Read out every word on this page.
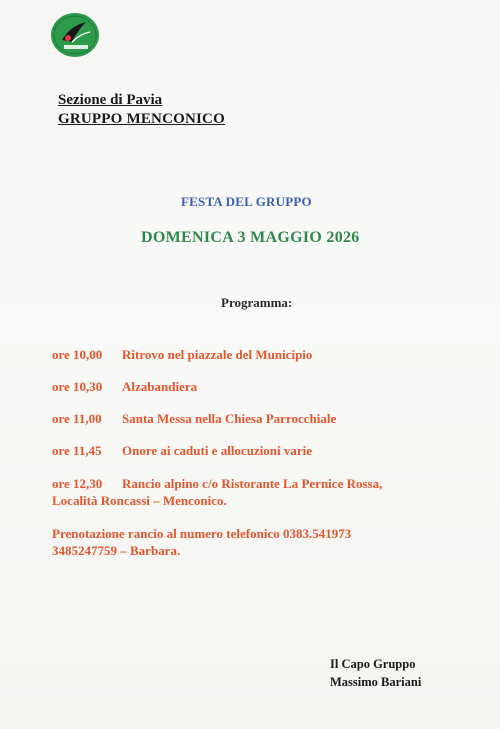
Sezione di Pavia
GRUPPO MENCONICO
FESTA DEL GRUPPO
DOMENICA 3 MAGGIO 2026
Programma:
ore 10,00 Ritrovo nel piazzale del Municipio
ore 10,30 Alzabandiera
ore 11,00 Santa Messa nella Chiesa Parrocchiale
ore 11,45 Onore ai caduti e allocuzioni varie
ore 12,30 Rancio alpino c/o Ristorante La Pernice Rossa,
Località Roncassi – Menconico.
Prenotazione rancio al numero telefonico 0383.541973
3485247759 – Barbara.
Il Capo Gruppo
Massimo Bariani
